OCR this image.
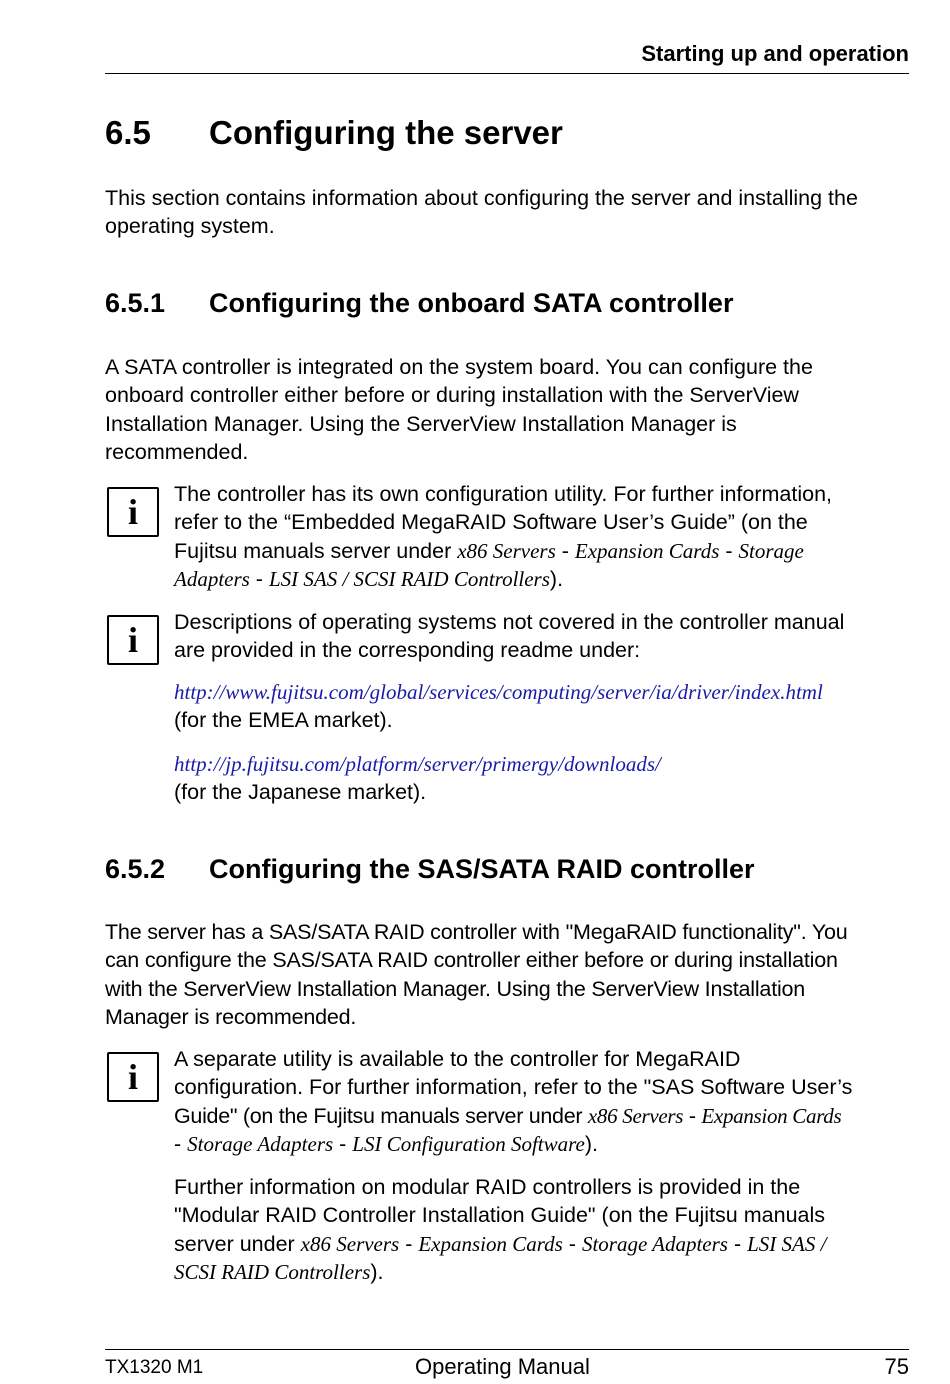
Starting up and operation
6.5 Configuring the server
This section contains information about configuring the server and installing the
operating system.
6.5.1 Configuring the onboard SATA controller
A SATA controller is integrated on the system board. You can configure the
onboard controller either before or during installation with the ServerView
Installation Manager. Using the ServerView Installation Manager is
recommended.
i	The controller has its own configuration utility. For further information,
refer to the “Embedded MegaRAID Software User’s Guide” (on the
Fujitsu manuals server under x86 Servers - Expansion Cards - Storage
Adapters - LSI SAS / SCSI RAID Controllers).
i	Descriptions of operating systems not covered in the controller manual
are provided in the corresponding readme under:
http://www.fujitsu.com/global/services/computing/server/ia/driver/index.html
(for the EMEA market).
http://jp.fujitsu.com/platform/server/primergy/downloads/
(for the Japanese market).
6.5.2 Configuring the SAS/SATA RAID controller
The server has a SAS/SATA RAID controller with "MegaRAID functionality". You
can configure the SAS/SATA RAID controller either before or during installation
with the ServerView Installation Manager. Using the ServerView Installation
Manager is recommended.
i	A separate utility is available to the controller for MegaRAID
configuration. For further information, refer to the "SAS Software User’s
Guide" (on the Fujitsu manuals server under x86 Servers - Expansion Cards
- Storage Adapters - LSI Configuration Software).
Further information on modular RAID controllers is provided in the
"Modular RAID Controller Installation Guide" (on the Fujitsu manuals
server under x86 Servers - Expansion Cards - Storage Adapters - LSI SAS /
SCSI RAID Controllers).
TX1320 M1	Operating Manual	75
